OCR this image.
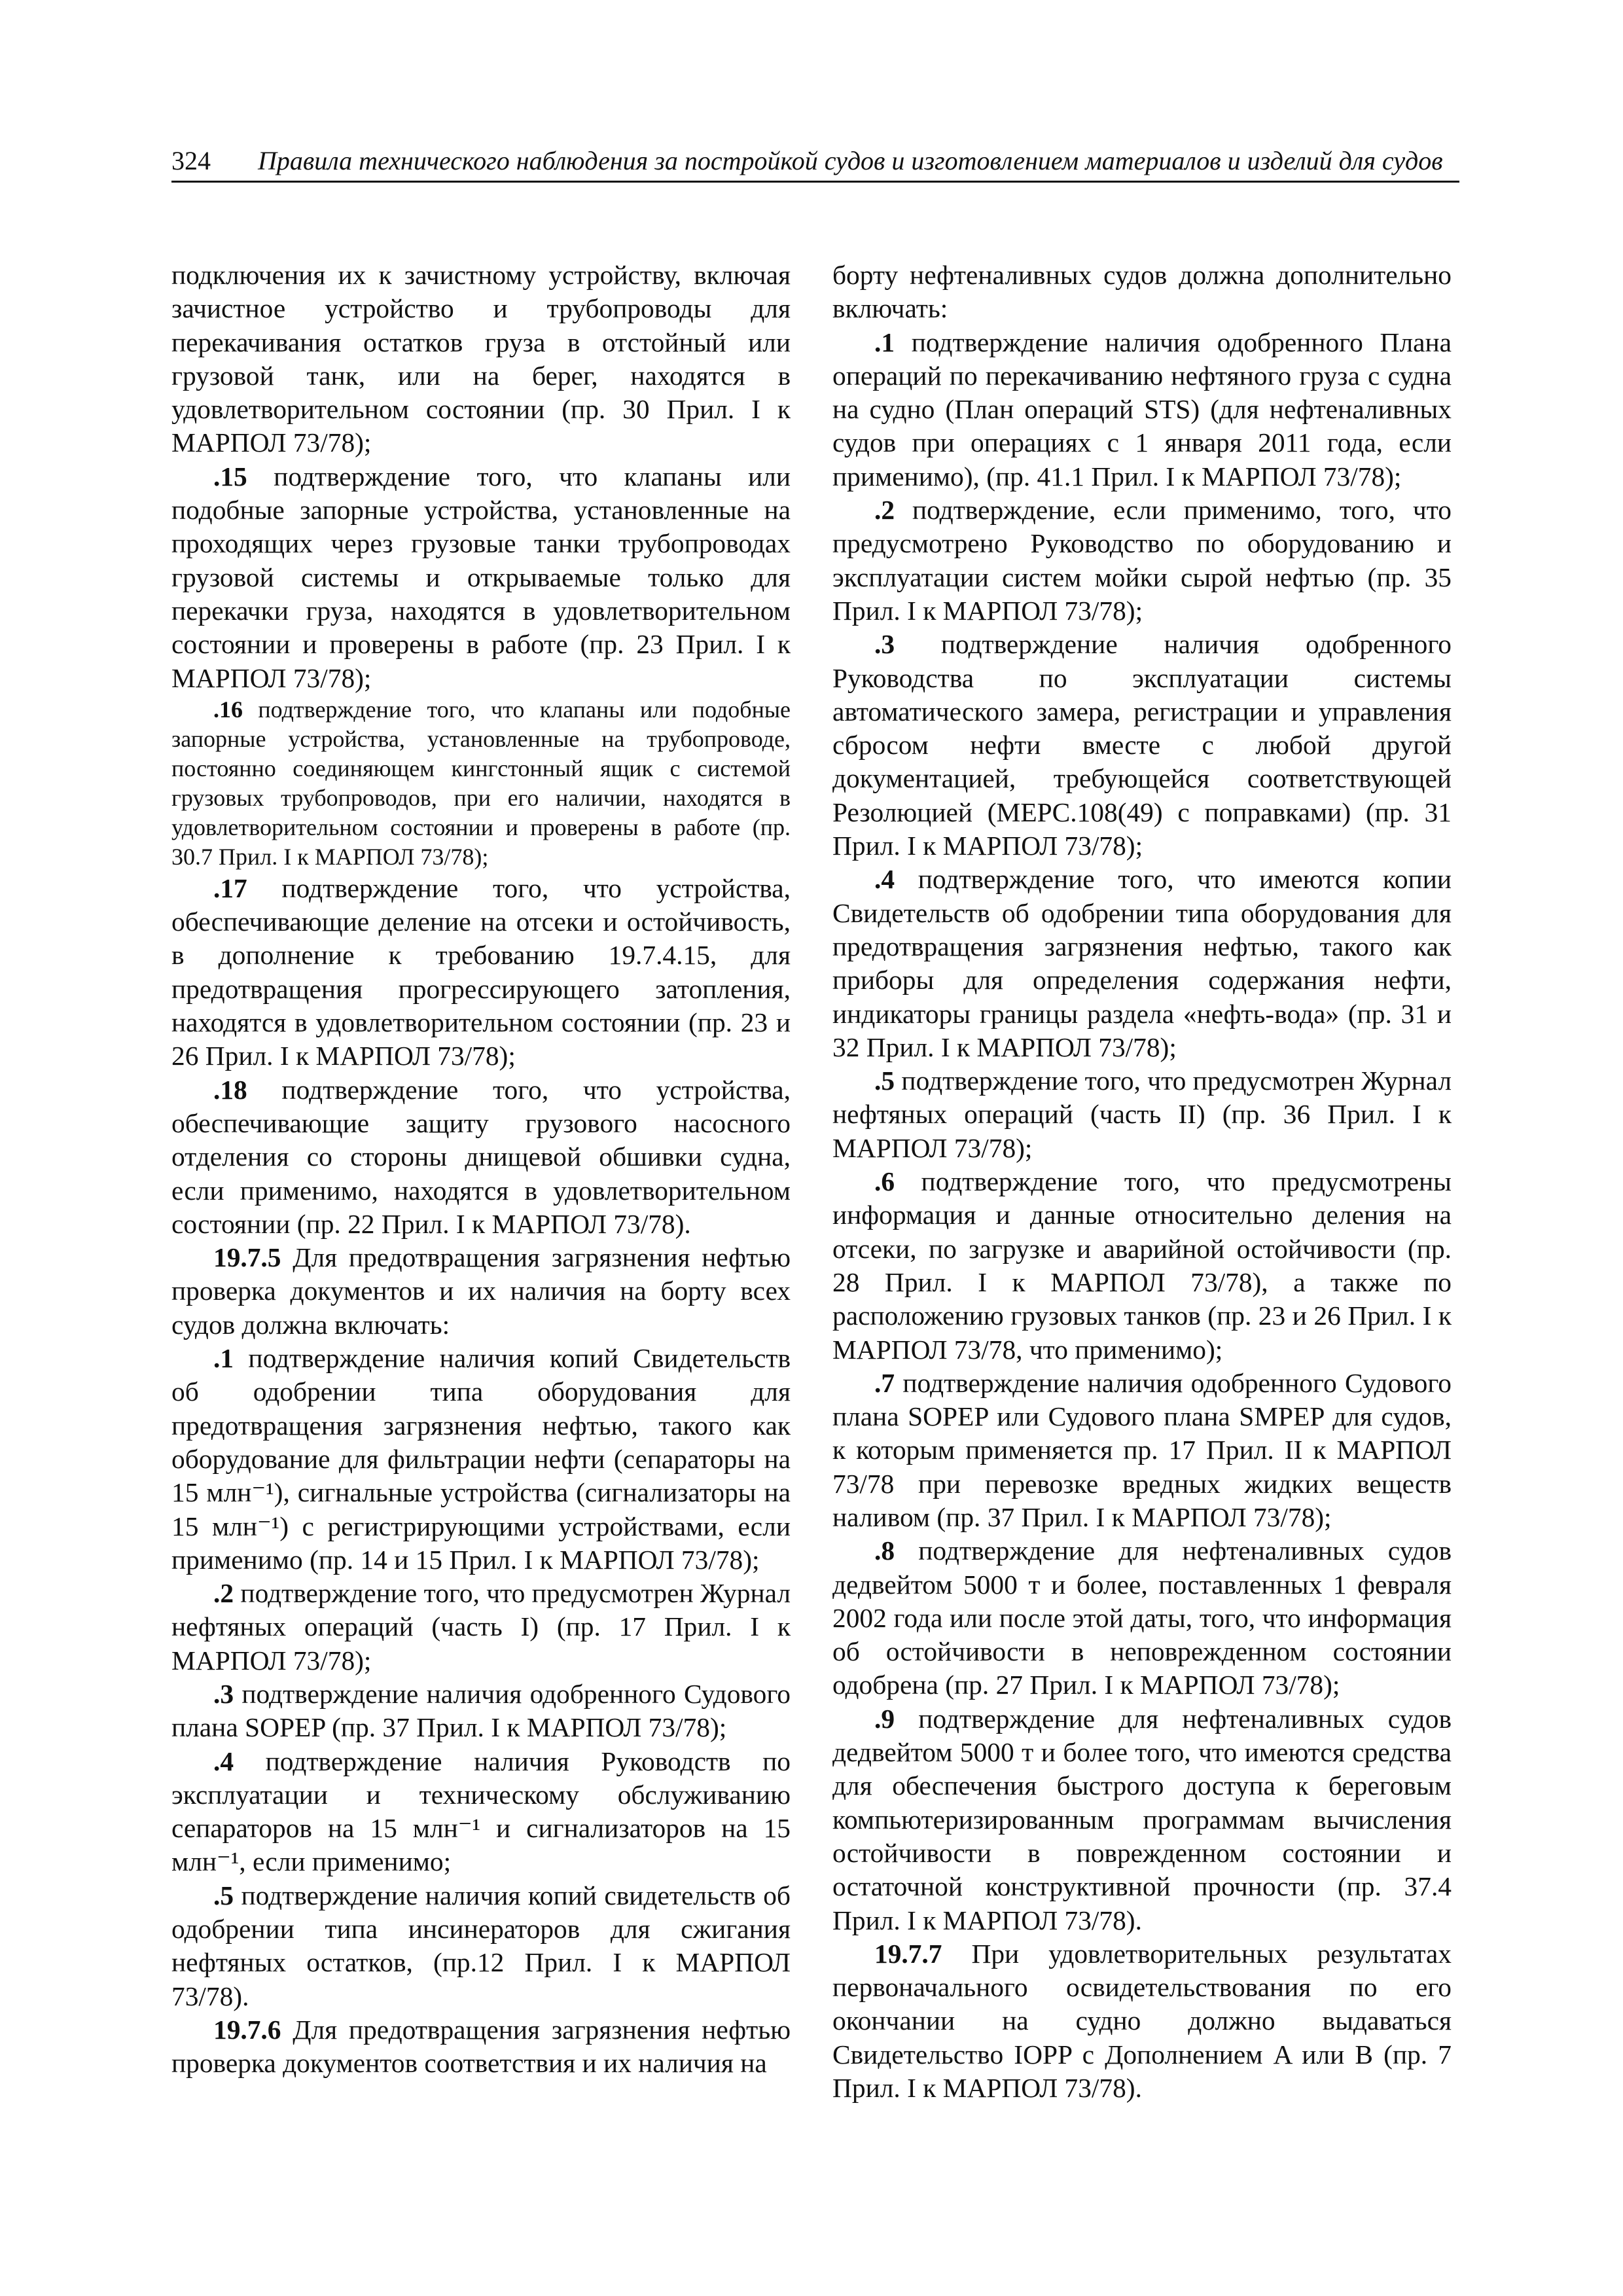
324 Правила технического наблюдения за постройкой судов и изготовлением материалов и изделий для судов

подключения их к зачистному устройству, включая зачистное устройство и трубопроводы для перекачивания остатков груза в отстойный или грузовой танк, или на берег, находятся в удовлетворительном состоянии (пр. 30 Прил. I к МАРПОЛ 73/78);

.15 подтверждение того, что клапаны или подобные запорные устройства, установленные на проходящих через грузовые танки трубопроводах грузовой системы и открываемые только для перекачки груза, находятся в удовлетворительном состоянии и проверены в работе (пр. 23 Прил. I к МАРПОЛ 73/78);

.16 подтверждение того, что клапаны или подобные запорные устройства, установленные на трубопроводе, постоянно соединяющем кингстонный ящик с системой грузовых трубопроводов, при его наличии, находятся в удовлетворительном состоянии и проверены в работе (пр. 30.7 Прил. I к МАРПОЛ 73/78);

.17 подтверждение того, что устройства, обеспечивающие деление на отсеки и остойчивость, в дополнение к требованию 19.7.4.15, для предотвращения прогрессирующего затопления, находятся в удовлетворительном состоянии (пр. 23 и 26 Прил. I к МАРПОЛ 73/78);

.18 подтверждение того, что устройства, обеспечивающие защиту грузового насосного отделения со стороны днищевой обшивки судна, если применимо, находятся в удовлетворительном состоянии (пр. 22 Прил. I к МАРПОЛ 73/78).

19.7.5 Для предотвращения загрязнения нефтью проверка документов и их наличия на борту всех судов должна включать:

.1 подтверждение наличия копий Свидетельств об одобрении типа оборудования для предотвращения загрязнения нефтью, такого как оборудование для фильтрации нефти (сепараторы на 15 млн⁻¹), сигнальные устройства (сигнализаторы на 15 млн⁻¹) с регистрирующими устройствами, если применимо (пр. 14 и 15 Прил. I к МАРПОЛ 73/78);

.2 подтверждение того, что предусмотрен Журнал нефтяных операций (часть I) (пр. 17 Прил. I к МАРПОЛ 73/78);

.3 подтверждение наличия одобренного Судового плана SOPEP (пр. 37 Прил. I к МАРПОЛ 73/78);

.4 подтверждение наличия Руководств по эксплуатации и техническому обслуживанию сепараторов на 15 млн⁻¹ и сигнализаторов на 15 млн⁻¹, если применимо;

.5 подтверждение наличия копий свидетельств об одобрении типа инсинераторов для сжигания нефтяных остатков, (пр.12 Прил. I к МАРПОЛ 73/78).

19.7.6 Для предотвращения загрязнения нефтью проверка документов соответствия и их наличия на

борту нефтеналивных судов должна дополнительно включать:

.1 подтверждение наличия одобренного Плана операций по перекачиванию нефтяного груза с судна на судно (План операций STS) (для нефтеналивных судов при операциях с 1 января 2011 года, если применимо), (пр. 41.1 Прил. I к МАРПОЛ 73/78);

.2 подтверждение, если применимо, того, что предусмотрено Руководство по оборудованию и эксплуатации систем мойки сырой нефтью (пр. 35 Прил. I к МАРПОЛ 73/78);

.3 подтверждение наличия одобренного Руководства по эксплуатации системы автоматического замера, регистрации и управления сбросом нефти вместе с любой другой документацией, требующейся соответствующей Резолюцией (MEPC.108(49) с поправками) (пр. 31 Прил. I к МАРПОЛ 73/78);

.4 подтверждение того, что имеются копии Свидетельств об одобрении типа оборудования для предотвращения загрязнения нефтью, такого как приборы для определения содержания нефти, индикаторы границы раздела «нефть-вода» (пр. 31 и 32 Прил. I к МАРПОЛ 73/78);

.5 подтверждение того, что предусмотрен Журнал нефтяных операций (часть II) (пр. 36 Прил. I к МАРПОЛ 73/78);

.6 подтверждение того, что предусмотрены информация и данные относительно деления на отсеки, по загрузке и аварийной остойчивости (пр. 28 Прил. I к МАРПОЛ 73/78), а также по расположению грузовых танков (пр. 23 и 26 Прил. I к МАРПОЛ 73/78, что применимо);

.7 подтверждение наличия одобренного Судового плана SOPEP или Судового плана SMPEP для судов, к которым применяется пр. 17 Прил. II к МАРПОЛ 73/78 при перевозке вредных жидких веществ наливом (пр. 37 Прил. I к МАРПОЛ 73/78);

.8 подтверждение для нефтеналивных судов дедвейтом 5000 т и более, поставленных 1 февраля 2002 года или после этой даты, того, что информация об остойчивости в неповрежденном состоянии одобрена (пр. 27 Прил. I к МАРПОЛ 73/78);

.9 подтверждение для нефтеналивных судов дедвейтом 5000 т и более того, что имеются средства для обеспечения быстрого доступа к береговым компьютеризированным программам вычисления остойчивости в поврежденном состоянии и остаточной конструктивной прочности (пр. 37.4 Прил. I к МАРПОЛ 73/78).

19.7.7 При удовлетворительных результатах первоначального освидетельствования по его окончании на судно должно выдаваться Свидетельство IOPP с Дополнением A или B (пр. 7 Прил. I к МАРПОЛ 73/78).
